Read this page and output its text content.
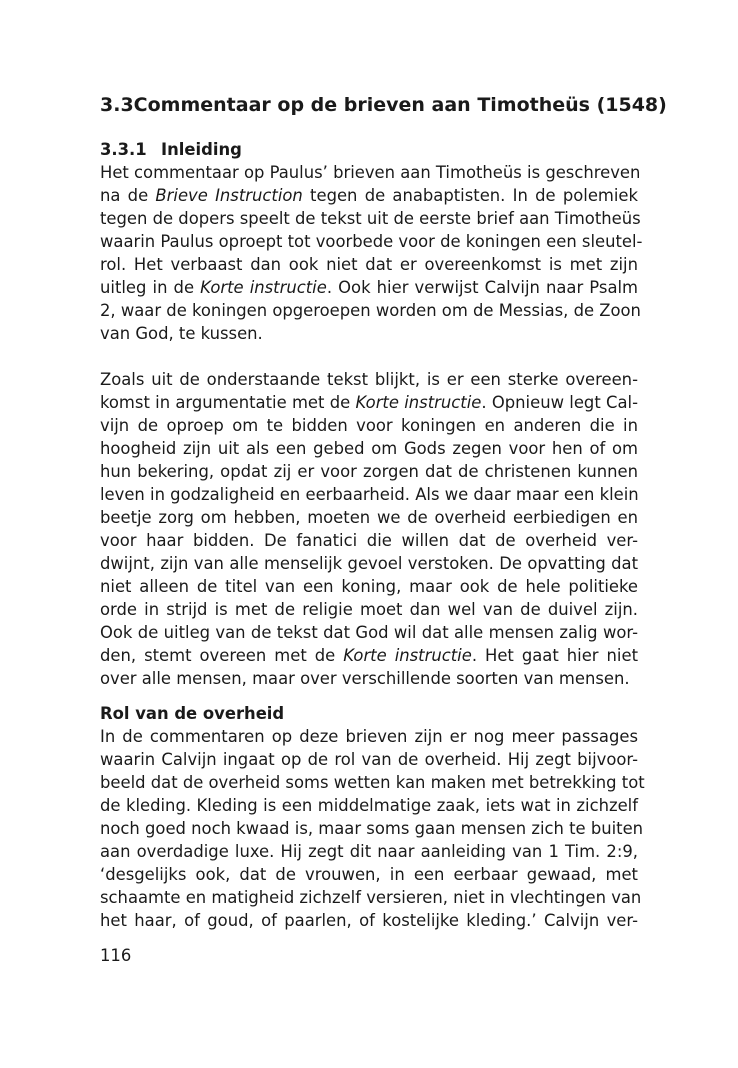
3.3 Commentaar op de brieven aan Timotheüs (1548)
3.3.1 Inleiding
Het commentaar op Paulus’ brieven aan Timotheüs is geschreven
na de Brieve Instruction tegen de anabaptisten. In de polemiek
tegen de dopers speelt de tekst uit de eerste brief aan Timotheüs
waarin Paulus oproept tot voorbede voor de koningen een sleutel-
rol. Het verbaast dan ook niet dat er overeenkomst is met zijn
uitleg in de Korte instructie. Ook hier verwijst Calvijn naar Psalm
2, waar de koningen opgeroepen worden om de Messias, de Zoon
van God, te kussen.
Zoals uit de onderstaande tekst blijkt, is er een sterke overeen-
komst in argumentatie met de Korte instructie. Opnieuw legt Cal-
vijn de oproep om te bidden voor koningen en anderen die in
hoogheid zijn uit als een gebed om Gods zegen voor hen of om
hun bekering, opdat zij er voor zorgen dat de christenen kunnen
leven in godzaligheid en eerbaarheid. Als we daar maar een klein
beetje zorg om hebben, moeten we de overheid eerbiedigen en
voor haar bidden. De fanatici die willen dat de overheid ver-
dwijnt, zijn van alle menselijk gevoel verstoken. De opvatting dat
niet alleen de titel van een koning, maar ook de hele politieke
orde in strijd is met de religie moet dan wel van de duivel zijn.
Ook de uitleg van de tekst dat God wil dat alle mensen zalig wor-
den, stemt overeen met de Korte instructie. Het gaat hier niet
over alle mensen, maar over verschillende soorten van mensen.
Rol van de overheid
In de commentaren op deze brieven zijn er nog meer passages
waarin Calvijn ingaat op de rol van de overheid. Hij zegt bijvoor-
beeld dat de overheid soms wetten kan maken met betrekking tot
de kleding. Kleding is een middelmatige zaak, iets wat in zichzelf
noch goed noch kwaad is, maar soms gaan mensen zich te buiten
aan overdadige luxe. Hij zegt dit naar aanleiding van 1 Tim. 2:9,
‘desgelijks ook, dat de vrouwen, in een eerbaar gewaad, met
schaamte en matigheid zichzelf versieren, niet in vlechtingen van
het haar, of goud, of paarlen, of kostelijke kleding.’ Calvijn ver-
116
